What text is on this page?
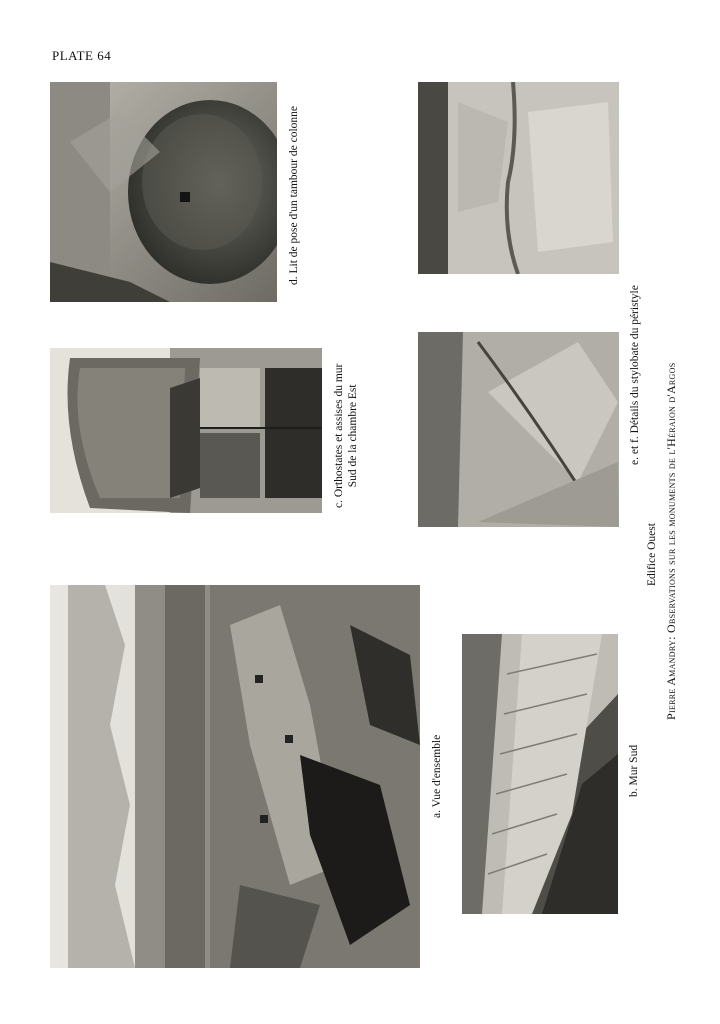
PLATE 64
d. Lit de pose d'un tambour de colonne
c. Orthostates et assises du mur Sud de la chambre Est
a. Vue d'ensemble	b. Mur Sud
e. et f. Détails du stylobate du péristyle
Edifice Ouest Pierre Amandry: Observations sur les monuments de l'Héraion d'Argos
